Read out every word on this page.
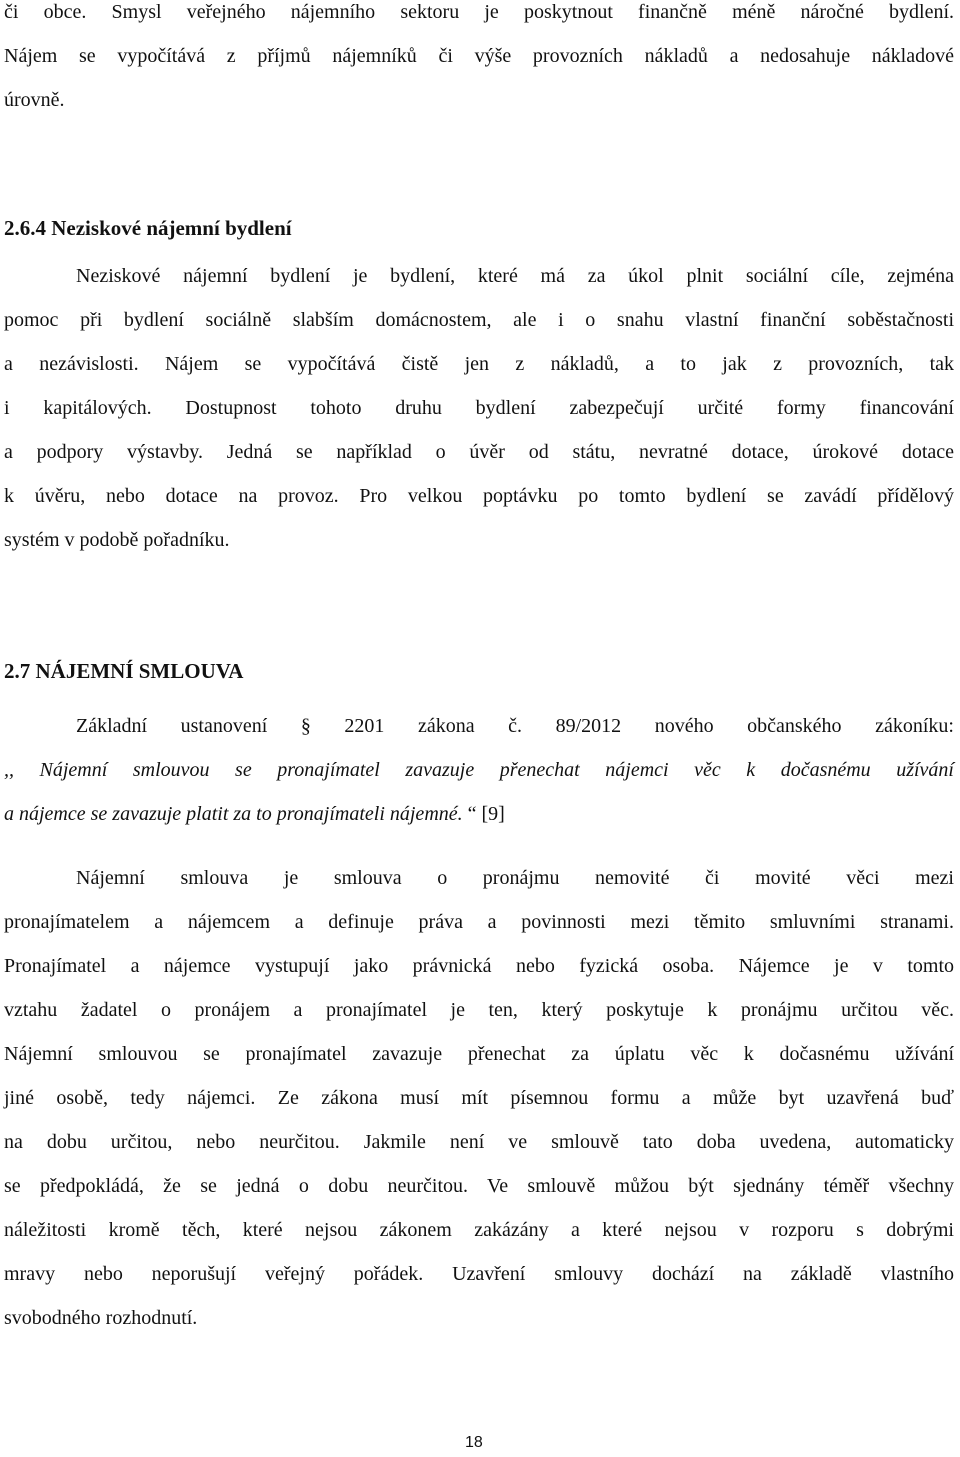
či obce. Smysl veřejného nájemního sektoru je poskytnout finančně méně náročné bydlení.
Nájem se vypočítává z příjmů nájemníků či výše provozních nákladů a nedosahuje nákladové
úrovně.
2.6.4 Neziskové nájemní bydlení
Neziskové nájemní bydlení je bydlení, které má za úkol plnit sociální cíle, zejména
pomoc při bydlení sociálně slabším domácnostem, ale i o snahu vlastní finanční soběstačnosti
a nezávislosti. Nájem se vypočítává čistě jen z nákladů, a to jak z provozních, tak
i kapitálových. Dostupnost tohoto druhu bydlení zabezpečují určité formy financování
a podpory výstavby. Jedná se například o úvěr od státu, nevratné dotace, úrokové dotace
k úvěru, nebo dotace na provoz. Pro velkou poptávku po tomto bydlení se zavádí přídělový
systém v podobě pořadníku.
2.7 NÁJEMNÍ SMLOUVA
Základní ustanovení § 2201 zákona č. 89/2012 nového občanského zákoníku:
,, Nájemní smlouvou se pronajímatel zavazuje přenechat nájemci věc k dočasnému užívání
a nájemce se zavazuje platit za to pronajímateli nájemné. “ [9]
Nájemní smlouva je smlouva o pronájmu nemovité či movité věci mezi
pronajímatelem a nájemcem a definuje práva a povinnosti mezi těmito smluvními stranami.
Pronajímatel a nájemce vystupují jako právnická nebo fyzická osoba. Nájemce je v tomto
vztahu žadatel o pronájem a pronajímatel je ten, který poskytuje k pronájmu určitou věc.
Nájemní smlouvou se pronajímatel zavazuje přenechat za úplatu věc k dočasnému užívání
jiné osobě, tedy nájemci. Ze zákona musí mít písemnou formu a může byt uzavřená buď
na dobu určitou, nebo neurčitou. Jakmile není ve smlouvě tato doba uvedena, automaticky
se předpokládá, že se jedná o dobu neurčitou. Ve smlouvě můžou být sjednány téměř všechny
náležitosti kromě těch, které nejsou zákonem zakázány a které nejsou v rozporu s dobrými
mravy nebo neporušují veřejný pořádek. Uzavření smlouvy dochází na základě vlastního
svobodného rozhodnutí.
18
